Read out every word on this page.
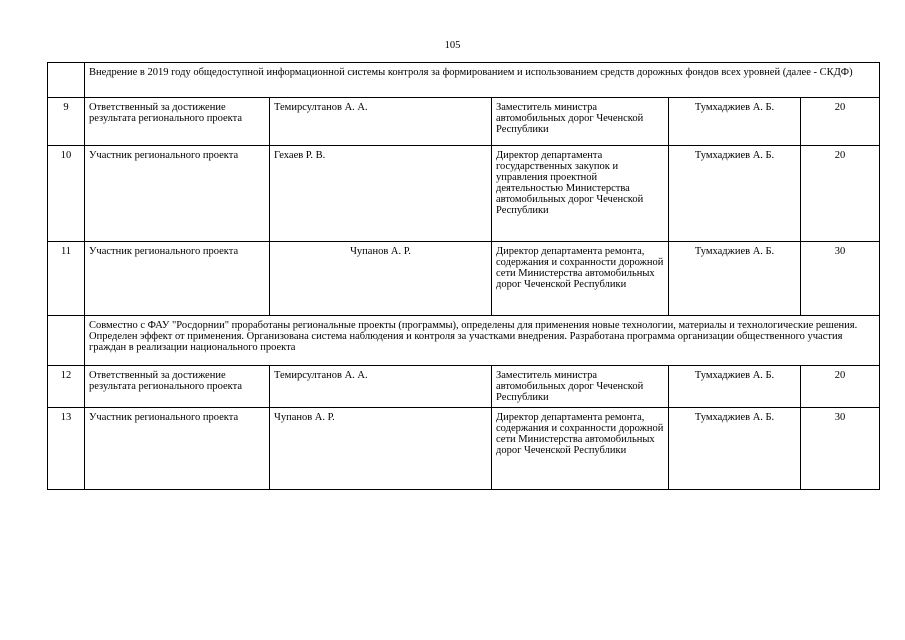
105
	Внедрение в 2019 году общедоступной информационной системы контроля за формированием и использованием средств дорожных фондов всех уровней (далее - СКДФ)				
9	Ответственный за достижение результата регионального проекта	Темирсултанов А. А.	Заместитель министра автомобильных дорог Чеченской Республики	Тумхаджиев А. Б.	20
10	Участник регионального проекта	Гехаев Р. В.	Директор департамента государственных закупок и управления проектной деятельностью Министерства автомобильных дорог Чеченской Республики	Тумхаджиев А. Б.	20
11	Участник регионального проекта	Чупанов А. Р.	Директор департамента ремонта, содержания и сохранности дорожной сети Министерства автомобильных дорог Чеченской Республики	Тумхаджиев А. Б.	30
	Совместно с ФАУ "Росдорнии" проработаны региональные проекты (программы), определены для применения новые технологии, материалы и технологические решения. Определен эффект от применения. Организована система наблюдения и контроля за участками внедрения. Разработана программа организации общественного участия граждан в реализации национального проекта				
12	Ответственный за достижение результата регионального проекта	Темирсултанов А. А.	Заместитель министра автомобильных дорог Чеченской Республики	Тумхаджиев А. Б.	20
13	Участник регионального проекта	Чупанов А. Р.	Директор департамента ремонта, содержания и сохранности дорожной сети Министерства автомобильных дорог Чеченской Республики	Тумхаджиев А. Б.	30
